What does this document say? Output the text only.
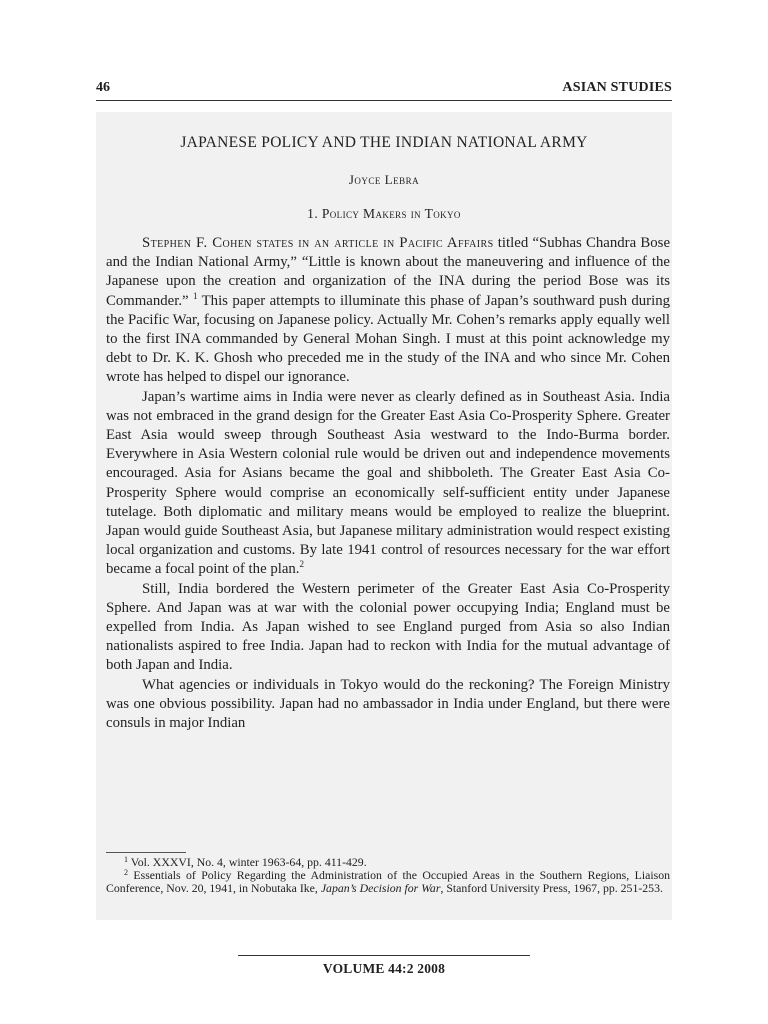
46	ASIAN STUDIES
JAPANESE POLICY AND THE INDIAN NATIONAL ARMY
Joyce Lebra
1. Policy Makers in Tokyo

Stephen F. Cohen states in an article in Pacific Affairs titled “Subhas Chandra Bose and the Indian National Army,” “Little is known about the maneuvering and influence of the Japanese upon the creation and organization of the INA during the period Bose was its Commander.” $^1$ This paper attempts to illuminate this phase of Japan’s southward push during the Pacific War, focusing on Japanese policy. Actually Mr. Cohen’s remarks apply equally well to the first INA commanded by General Mohan Singh. I must at this point acknowledge my debt to Dr. K. K. Ghosh who preceded me in the study of the INA and who since Mr. Cohen wrote has helped to dispel our ignorance.

Japan’s wartime aims in India were never as clearly defined as in Southeast Asia. India was not embraced in the grand design for the Greater East Asia Co-Prosperity Sphere. Greater East Asia would sweep through Southeast Asia westward to the Indo-Burma border. Everywhere in Asia Western colonial rule would be driven out and independence movements encouraged. Asia for Asians became the goal and shibboleth. The Greater East Asia Co-Prosperity Sphere would comprise an economically self-sufficient entity under Japanese tutelage. Both diplomatic and military means would be employed to realize the blueprint. Japan would guide Southeast Asia, but Japanese military administration would respect existing local organization and customs. By late 1941 control of resources necessary for the war effort became a focal point of the plan.$^2$

Still, India bordered the Western perimeter of the Greater East Asia Co-Prosperity Sphere. And Japan was at war with the colonial power occupying India; England must be expelled from India. As Japan wished to see England purged from Asia so also Indian nationalists aspired to free India. Japan had to reckon with India for the mutual advantage of both Japan and India.

What agencies or individuals in Tokyo would do the reckoning? The Foreign Ministry was one obvious possibility. Japan had no ambassador in India under England, but there were consuls in major Indian

$^1$ Vol. XXXVI, No. 4, winter 1963-64, pp. 411-429.

$^2$ Essentials of Policy Regarding the Administration of the Occupied Areas in the Southern Regions, Liaison Conference, Nov. 20, 1941, in Nobutaka Ike, Japan’s Decision for War, Stanford University Press, 1967, pp. 251-253.

VOLUME 44:2 2008
